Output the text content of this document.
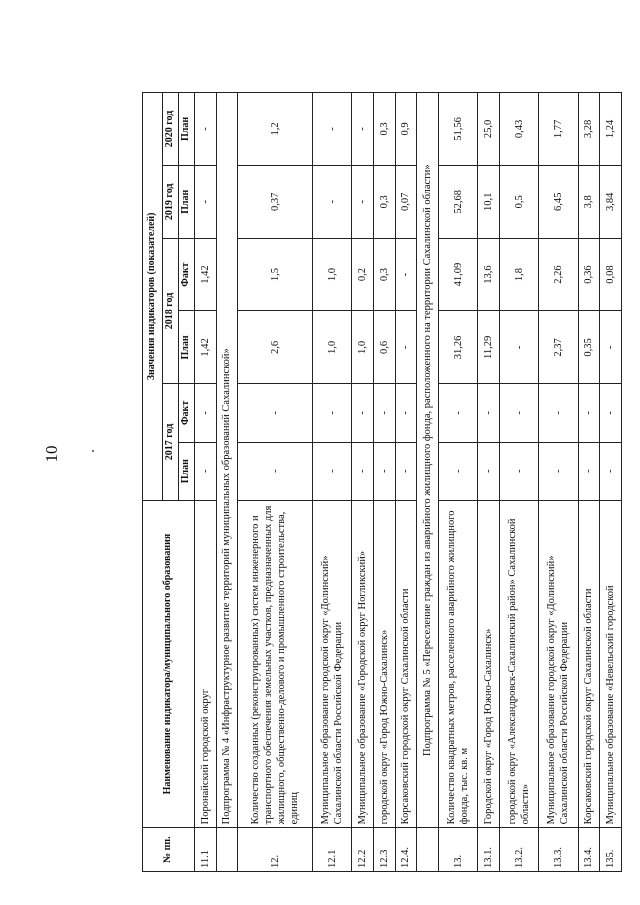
10
№ пп.	Наименование индикатора/муниципального образования	Значения индикаторов (показателей)					
		2017 год		2018 год		2019 год	2020 год
		План	Факт	План	Факт	План	План
11.1	Поронайский городской округ	-	-	1,42	1,42	-	-
	Подпрограмма № 4 «Инфраструктурное развитие территорий муниципальных образований Сахалинской»						
12.	Количество созданных (реконструированных) систем инженерного и транспортного обеспечения земельных участков, предназначенных для жилищного, общественно-делового и промышленного строительства, единиц	-	-	2,6	1,5	0,37	1,2
12.1	Муниципальное образование городской округ «Долинский» Сахалинской области Российской Федерации	-	-	1,0	1,0	-	-
12.2	Муниципальное образование «Городской округ Ногликский»	-	-	1,0	0,2	-	-
12.3	городской округ «Город Южно-Сахалинск»	-	-	0,6	0,3	0,3	0,3
12.4.	Корсаковский городской округ Сахалинской области	-	-	-	-	0,07	0,9
	Подпрограмма № 5 «Переселение граждан из аварийного жилищного фонда, расположенного на территории Сахалинской области»						
13.	Количество квадратных метров, расселенного аварийного жилищного фонда, тыс. кв. м	-	-	31,26	41,09	52,68	51,56
13.1.	Городской округ «Город Южно-Сахалинск»	-	-	11,29	13,6	10,1	25,0
13.2.	городской округ «Александровск-Сахалинский район» Сахалинской области»	-	-	-	1,8	0,5	0,43
13.3.	Муниципальное образование городской округ «Долинский» Сахалинской области Российской Федерации	-	-	2,37	2,26	6,45	1,77
13.4.	Корсаковский городской округ Сахалинской области	-	-	0,35	0,36	3,8	3,28
135.	Муниципальное образование «Невельский городской	-	-	-	0,08	3,84	1,24
